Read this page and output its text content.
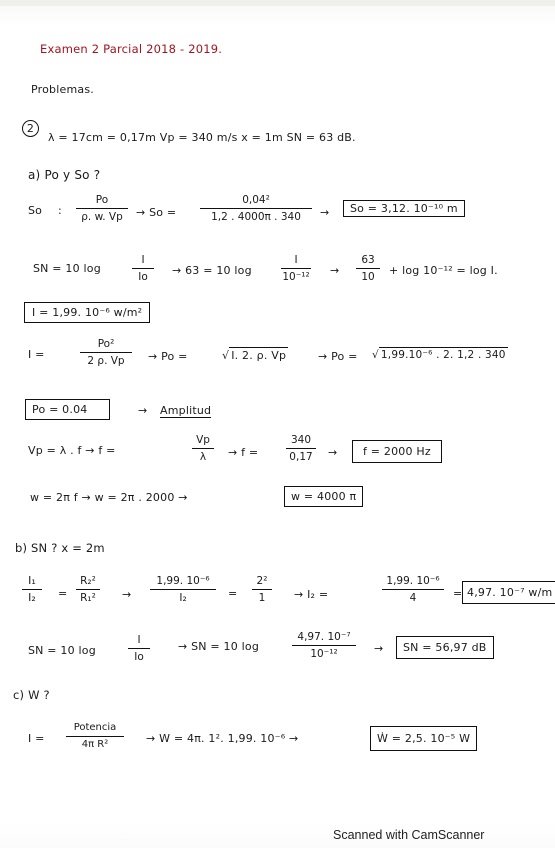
Examen 2 Parcial 2018 - 2019.
Problemas.
2
λ = 17cm = 0,17m Vp = 340 m/s x = 1m SN = 63 dB.
a) Po y So ?
So :
Po
ρ. w. Vp	→ So =
0,04²
1,2 . 4000π . 340	→	So = 3,12. 10⁻¹⁰ m
SN = 10 log
I
Io	→ 63 = 10 log
I
10⁻¹² →
63
10	+ log 10⁻¹² = log I.
I = 1,99. 10⁻⁶ w/m²
I =
Po²
2 ρ. Vp	→ Po =	√ I. 2. ρ. Vp	→ Po = √ 1,99.10⁻⁶ . 2. 1,2 . 340
Po = 0.04	→ Amplitud
Vp = λ . f → f =
Vp
λ	→ f =
340
0,17	→	f = 2000 Hz
w = 2π f → w = 2π . 2000 →	w = 4000 π
b) SN ? x = 2m
I₁
I₂	=
R₂²
R₁²	→
1,99. 10⁻⁶
I₂	=
2²
1	→ I₂ =
1,99. 10⁻⁶
4	= 4,97. 10⁻⁷ w/m
SN = 10 log
I
Io
→ SN = 10 log
4,97. 10⁻⁷
10⁻¹²	→	SN = 56,97 dB
c) W ?
I =
Potencia
4π R²	→ W = 4π. 1². 1,99. 10⁻⁶ →	Ẇ = 2,5. 10⁻⁵ W
Scanned with CamScanner
